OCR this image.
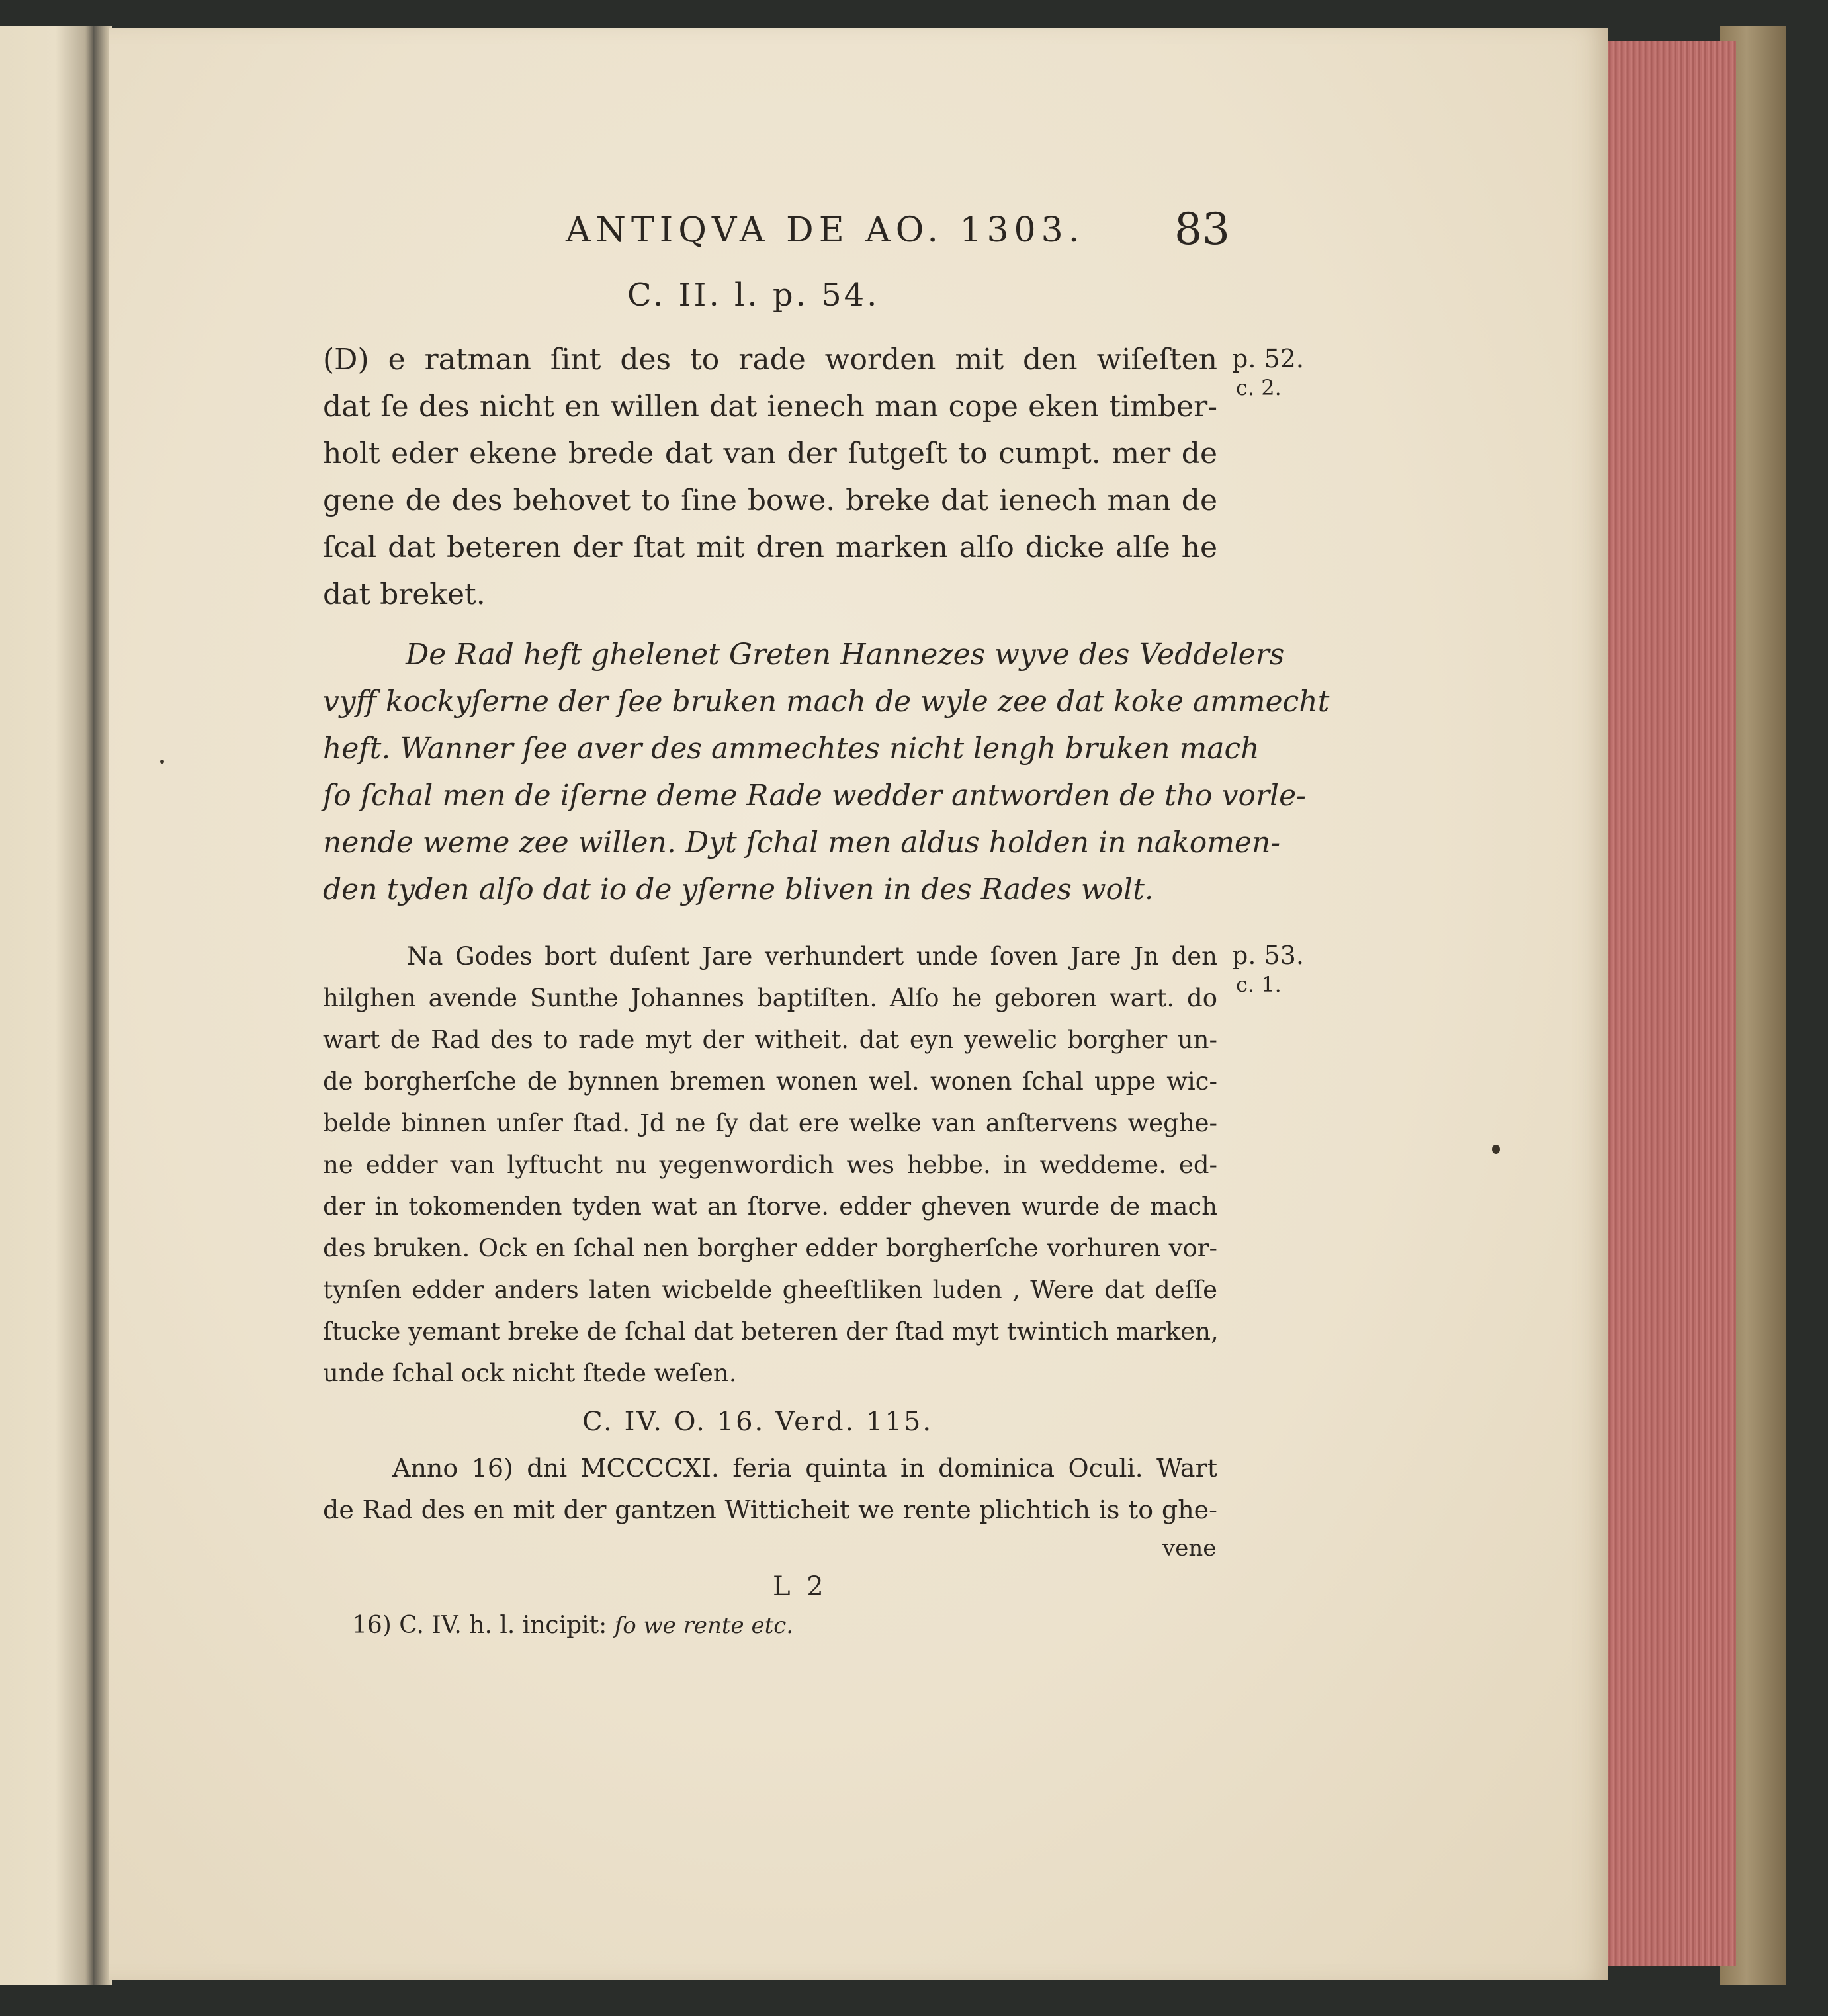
ANTIQVA DE AO. 1303. 83
C. II. l. p. 54.
p. 52.
c. 2.
(D) e ratman ſint des to rade worden mit den wiſeſten
dat ſe des nicht en willen dat ienech man cope eken timber-
holt eder ekene brede dat van der ſutgeſt to cumpt. mer de
gene de des behovet to ſine bowe. breke dat ienech man de
ſcal dat beteren der ſtat mit dren marken alſo dicke alſe he
dat breket.
De Rad heft ghelenet Greten Hannezes wyve des Veddelers
vyff kockyſerne der ſee bruken mach de wyle zee dat koke ammecht
heft. Wanner ſee aver des ammechtes nicht lengh bruken mach
ſo ſchal men de iſerne deme Rade wedder antworden de tho vorle-
nende weme zee willen. Dyt ſchal men aldus holden in nakomen-
den tyden alſo dat io de yſerne bliven in des Rades wolt.
p. 53.
c. 1.
Na Godes bort duſent Jare verhundert unde ſoven Jare Jn den
hilghen avende Sunthe Johannes baptiſten. Alſo he geboren wart. do
wart de Rad des to rade myt der witheit. dat eyn yewelic borgher un-
de borgherſche de bynnen bremen wonen wel. wonen ſchal uppe wic-
belde binnen unſer ſtad. Jd ne ſy dat ere welke van anſtervens weghe-
ne edder van lyftucht nu yegenwordich wes hebbe. in weddeme. ed-
der in tokomenden tyden wat an ſtorve. edder gheven wurde de mach
des bruken. Ock en ſchal nen borgher edder borgherſche vorhuren vor-
tynſen edder anders laten wicbelde gheeſtliken luden , Were dat deſſe
ſtucke yemant breke de ſchal dat beteren der ſtad myt twintich marken,
unde ſchal ock nicht ſtede weſen.
C. IV. O. 16. Verd. 115.
Anno 16) dni MCCCCXI. feria quinta in dominica Oculi. Wart
de Rad des en mit der gantzen Witticheit we rente plichtich is to ghe-
vene
L 2
16) C. IV. h. l. incipit: ſo we rente etc.
